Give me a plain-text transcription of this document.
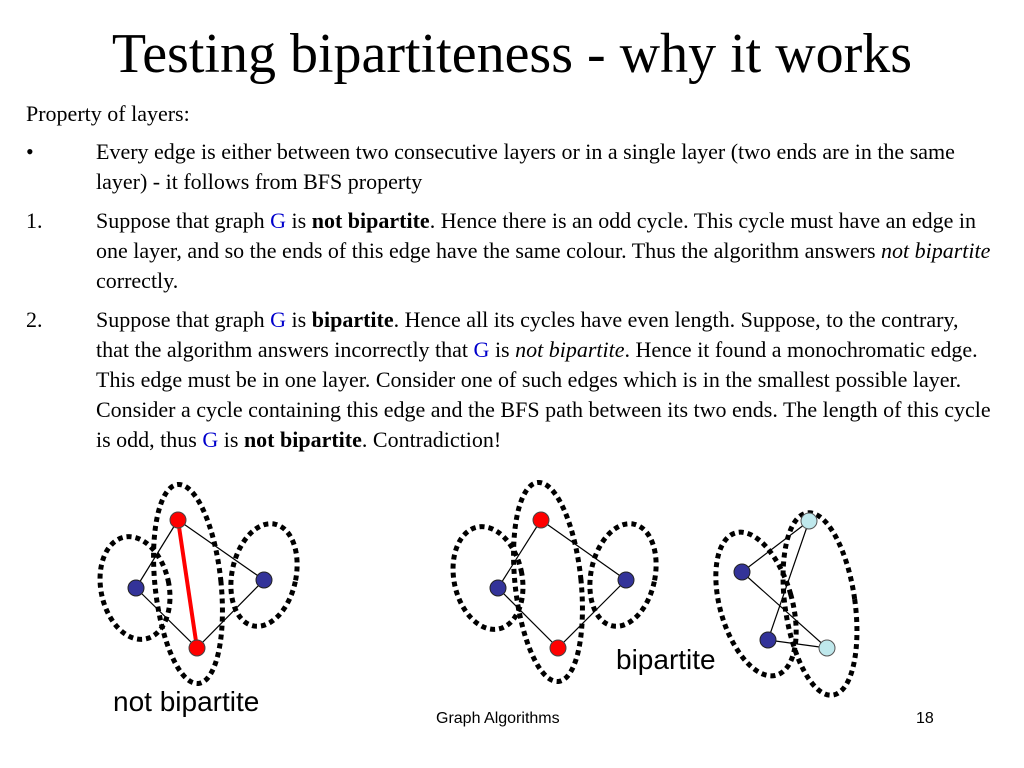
Testing bipartiteness - why it works
Property of layers:
•	Every edge is either between two consecutive layers or in a single layer (two ends are in the same layer) - it follows from BFS property
1.	Suppose that graph G is not bipartite. Hence there is an odd cycle. This cycle must have an edge in one layer, and so the ends of this edge have the same colour. Thus the algorithm answers not bipartite correctly.
2.	Suppose that graph G is bipartite. Hence all its cycles have even length. Suppose, to the contrary, that the algorithm answers incorrectly that G is not bipartite. Hence it found a monochromatic edge. This edge must be in one layer. Consider one of such edges which is in the smallest possible layer. Consider a cycle containing this edge and the BFS path between its two ends. The length of this cycle is odd, thus G is not bipartite. Contradiction!
not bipartite
bipartite
Graph Algorithms	18
